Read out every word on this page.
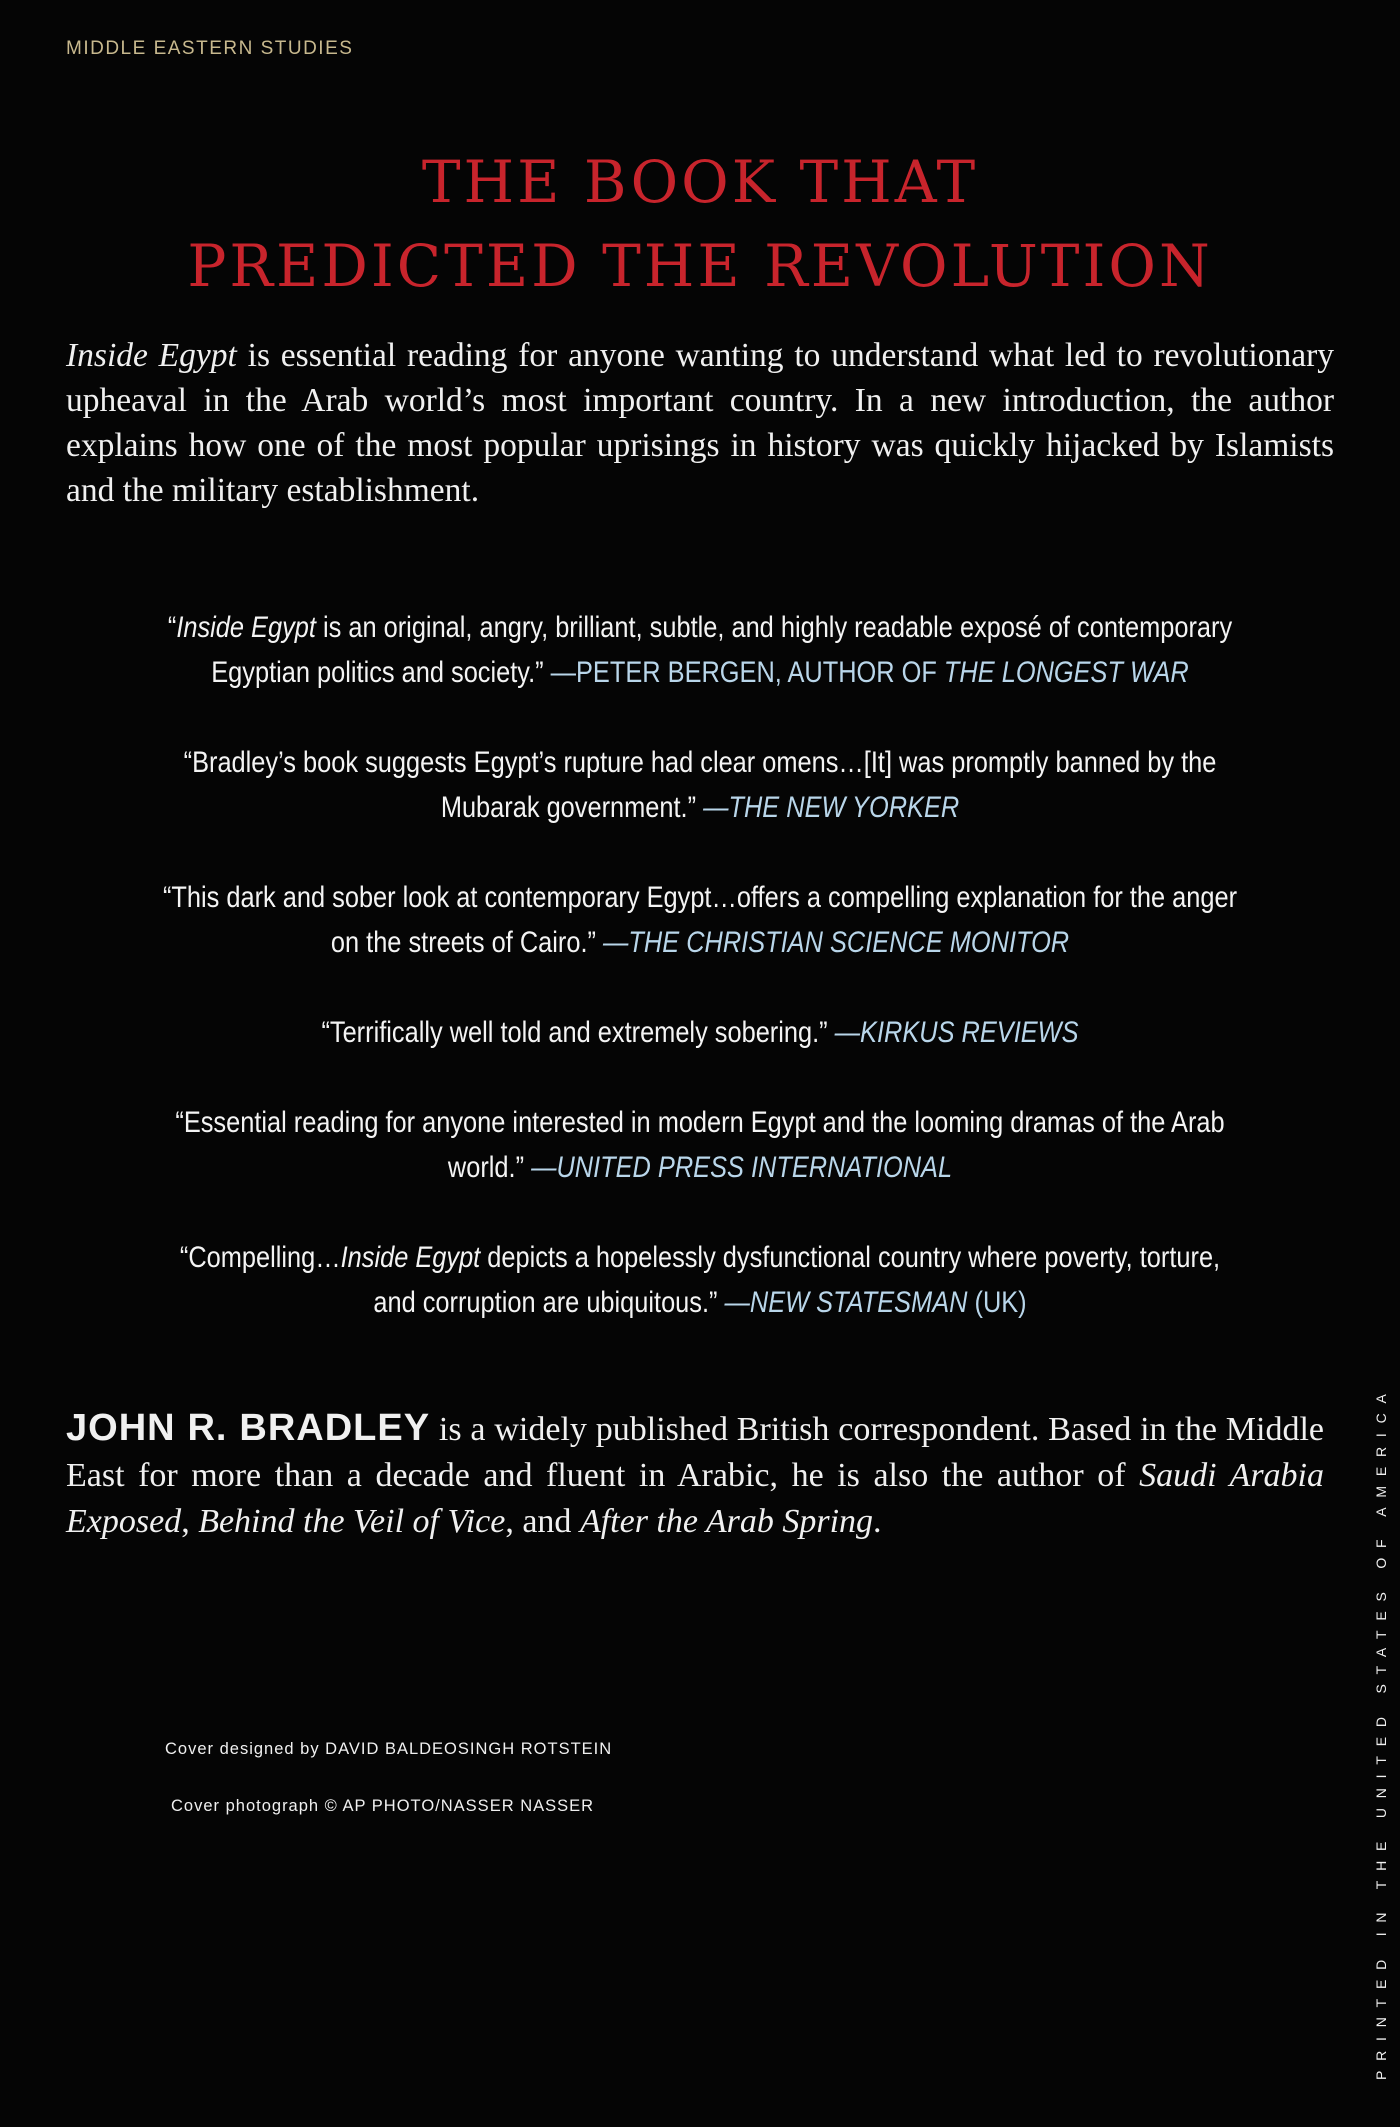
MIDDLE EASTERN STUDIES
THE BOOK THAT
PREDICTED THE REVOLUTION
Inside Egypt is essential reading for anyone wanting to understand what led to revolutionary upheaval in the Arab world’s most important country. In a new introduction, the author explains how one of the most popular uprisings in history was quickly hijacked by Islamists and the military establishment.
“Inside Egypt is an original, angry, brilliant, subtle, and highly readable exposé of contemporary Egyptian politics and society.” —PETER BERGEN, AUTHOR OF THE LONGEST WAR
“Bradley’s book suggests Egypt’s rupture had clear omens…[It] was promptly banned by the Mubarak government.” —THE NEW YORKER
“This dark and sober look at contemporary Egypt…offers a compelling explanation for the anger on the streets of Cairo.” —THE CHRISTIAN SCIENCE MONITOR
“Terrifically well told and extremely sobering.” —KIRKUS REVIEWS
“Essential reading for anyone interested in modern Egypt and the looming dramas of the Arab world.” —UNITED PRESS INTERNATIONAL
“Compelling…Inside Egypt depicts a hopelessly dysfunctional country where poverty, torture, and corruption are ubiquitous.” —NEW STATESMAN (UK)
JOHN R. BRADLEY is a widely published British correspondent. Based in the Middle East for more than a decade and fluent in Arabic, he is also the author of Saudi Arabia Exposed, Behind the Veil of Vice, and After the Arab Spring.
Cover designed by DAVID BALDEOSINGH ROTSTEIN
Cover photograph © AP PHOTO/NASSER NASSER	PRINTED IN THE UNITED STATES OF AMERICA
